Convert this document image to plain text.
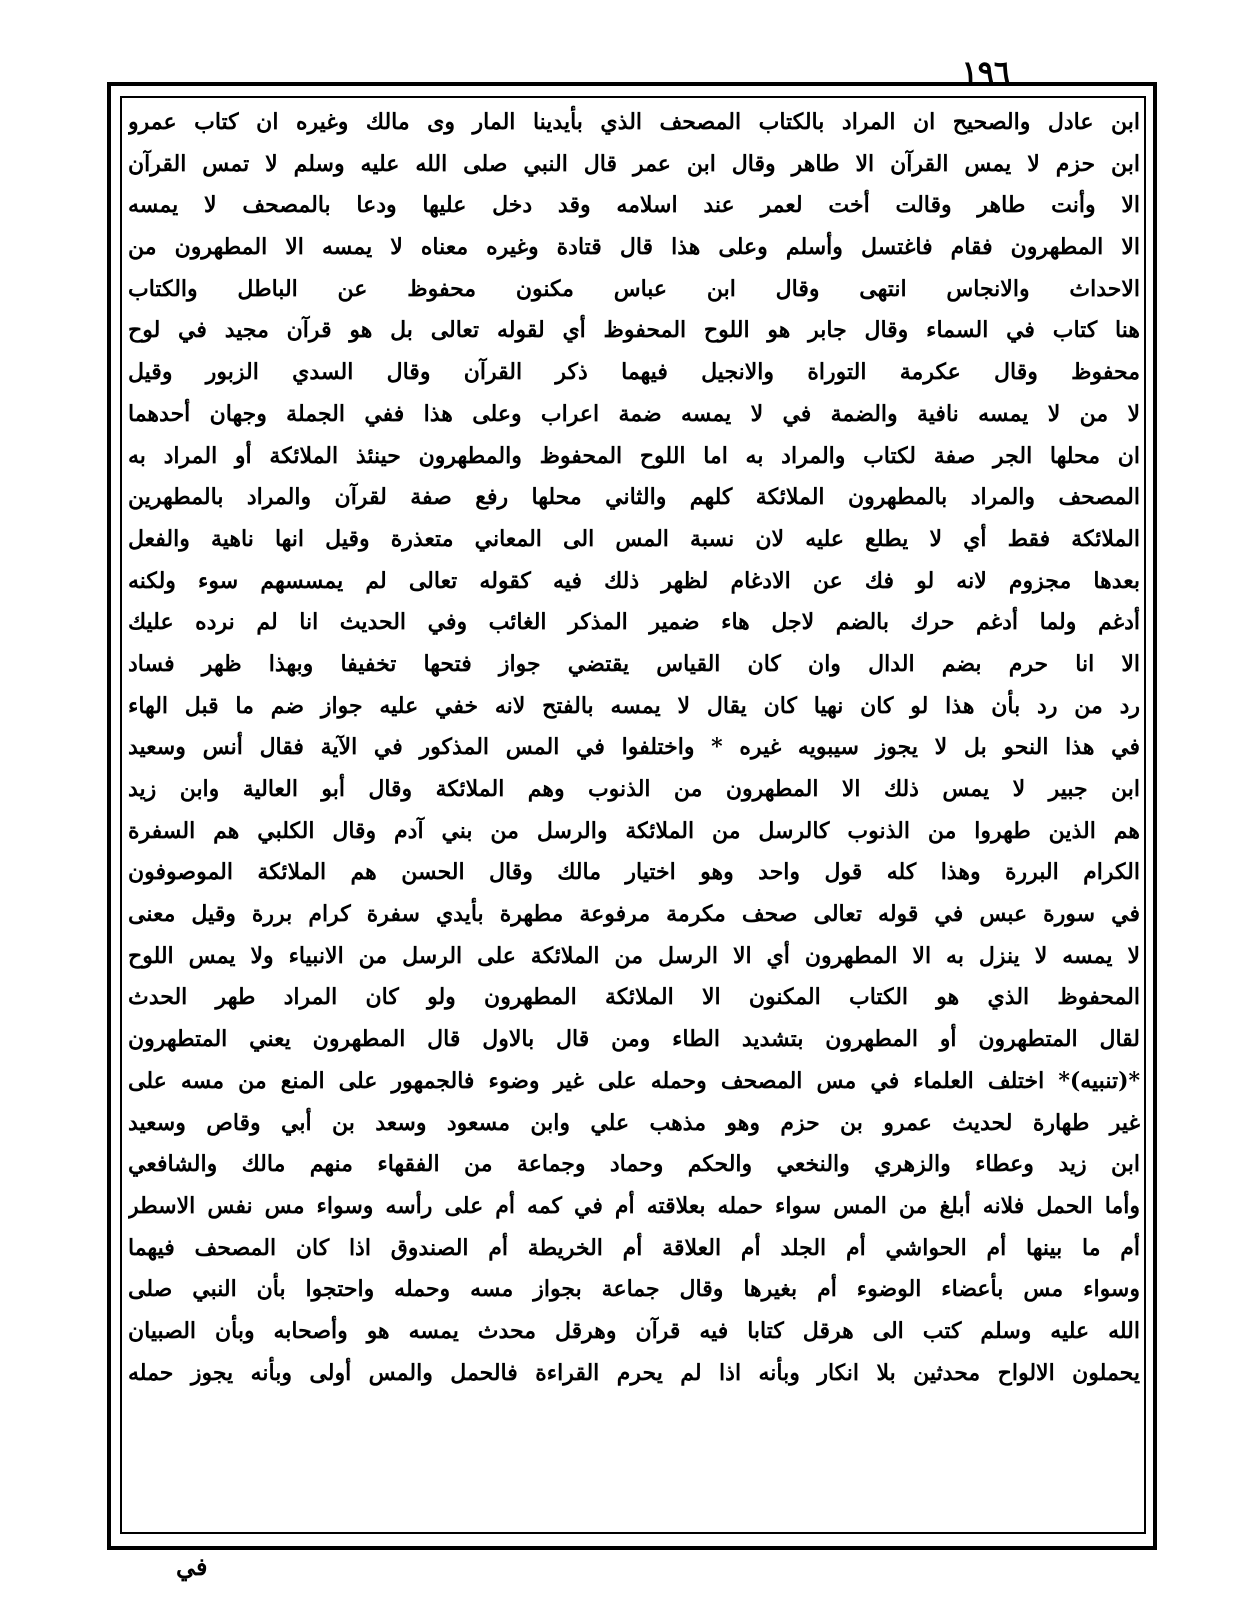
١٩٦
ابن عادل والصحيح ان المراد بالكتاب المصحف الذي بأيدينا المار وى مالك وغيره ان كتاب عمرو
ابن حزم لا يمس القرآن الا طاهر وقال ابن عمر قال النبي صلى الله عليه وسلم لا تمس القرآن
الا وأنت طاهر وقالت أخت لعمر عند اسلامه وقد دخل عليها ودعا بالمصحف لا يمسه
الا المطهرون فقام فاغتسل وأسلم وعلى هذا قال قتادة وغيره معناه لا يمسه الا المطهرون من
الاحداث والانجاس انتهى وقال ابن عباس مكنون محفوظ عن الباطل والكتاب
هنا كتاب في السماء وقال جابر هو اللوح المحفوظ أي لقوله تعالى بل هو قرآن مجيد في لوح
محفوظ وقال عكرمة التوراة والانجيل فيهما ذكر القرآن وقال السدي الزبور وقيل
لا من لا يمسه نافية والضمة في لا يمسه ضمة اعراب وعلى هذا ففي الجملة وجهان أحدهما
ان محلها الجر صفة لكتاب والمراد به اما اللوح المحفوظ والمطهرون حينئذ الملائكة أو المراد به
المصحف والمراد بالمطهرون الملائكة كلهم والثاني محلها رفع صفة لقرآن والمراد بالمطهرين
الملائكة فقط أي لا يطلع عليه لان نسبة المس الى المعاني متعذرة وقيل انها ناهية والفعل
بعدها مجزوم لانه لو فك عن الادغام لظهر ذلك فيه كقوله تعالى لم يمسسهم سوء ولكنه
أدغم ولما أدغم حرك بالضم لاجل هاء ضمير المذكر الغائب وفي الحديث انا لم نرده عليك
الا انا حرم بضم الدال وان كان القياس يقتضي جواز فتحها تخفيفا وبهذا ظهر فساد
رد من رد بأن هذا لو كان نهيا كان يقال لا يمسه بالفتح لانه خفي عليه جواز ضم ما قبل الهاء
في هذا النحو بل لا يجوز سيبويه غيره * واختلفوا في المس المذكور في الآية فقال أنس وسعيد
ابن جبير لا يمس ذلك الا المطهرون من الذنوب وهم الملائكة وقال أبو العالية وابن زيد
هم الذين طهروا من الذنوب كالرسل من الملائكة والرسل من بني آدم وقال الكلبي هم السفرة
الكرام البررة وهذا كله قول واحد وهو اختيار مالك وقال الحسن هم الملائكة الموصوفون
في سورة عبس في قوله تعالى صحف مكرمة مرفوعة مطهرة بأيدي سفرة كرام بررة وقيل معنى
لا يمسه لا ينزل به الا المطهرون أي الا الرسل من الملائكة على الرسل من الانبياء ولا يمس اللوح
المحفوظ الذي هو الكتاب المكنون الا الملائكة المطهرون ولو كان المراد طهر الحدث
لقال المتطهرون أو المطهرون بتشديد الطاء ومن قال بالاول قال المطهرون يعني المتطهرون
*(تنبيه)* اختلف العلماء في مس المصحف وحمله على غير وضوء فالجمهور على المنع من مسه على
غير طهارة لحديث عمرو بن حزم وهو مذهب علي وابن مسعود وسعد بن أبي وقاص وسعيد
ابن زيد وعطاء والزهري والنخعي والحكم وحماد وجماعة من الفقهاء منهم مالك والشافعي
وأما الحمل فلانه أبلغ من المس سواء حمله بعلاقته أم في كمه أم على رأسه وسواء مس نفس الاسطر
أم ما بينها أم الحواشي أم الجلد أم العلاقة أم الخريطة أم الصندوق اذا كان المصحف فيهما
وسواء مس بأعضاء الوضوء أم بغيرها وقال جماعة بجواز مسه وحمله واحتجوا بأن النبي صلى
الله عليه وسلم كتب الى هرقل كتابا فيه قرآن وهرقل محدث يمسه هو وأصحابه وبأن الصبيان
يحملون الالواح محدثين بلا انكار وبأنه اذا لم يحرم القراءة فالحمل والمس أولى وبأنه يجوز حمله
في
